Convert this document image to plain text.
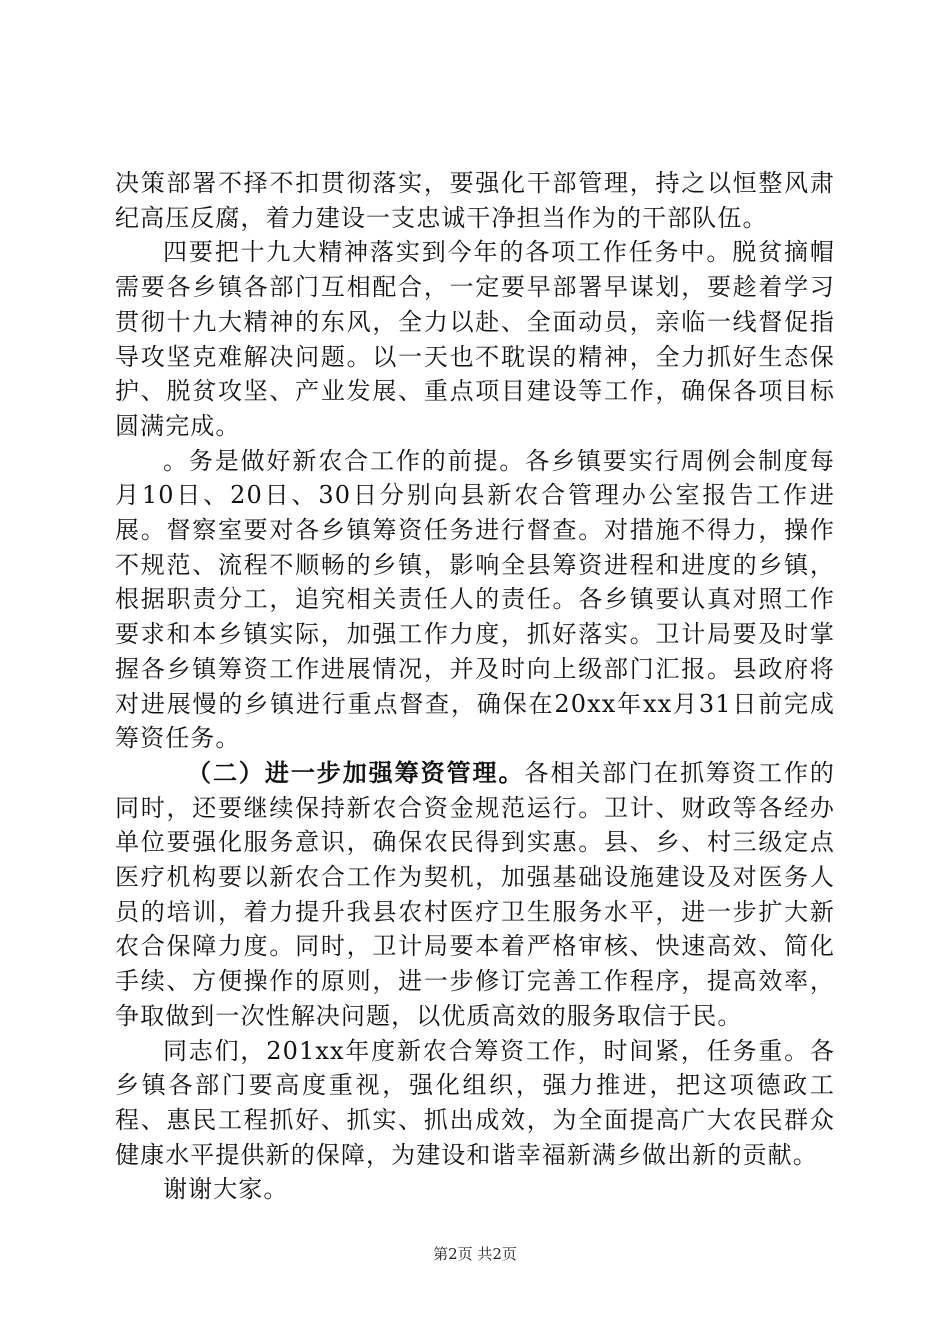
决策部署不择不扣贯彻落实，要强化干部管理，持之以恒整风肃纪高压反腐，着力建设一支忠诚干净担当作为的干部队伍。

四要把十九大精神落实到今年的各项工作任务中。脱贫摘帽需要各乡镇各部门互相配合，一定要早部署早谋划，要趁着学习贯彻十九大精神的东风，全力以赴、全面动员，亲临一线督促指导攻坚克难解决问题。以一天也不耽误的精神，全力抓好生态保护、脱贫攻坚、产业发展、重点项目建设等工作，确保各项目标圆满完成。

。务是做好新农合工作的前提。各乡镇要实行周例会制度每月10日、20日、30日分别向县新农合管理办公室报告工作进展。督察室要对各乡镇筹资任务进行督查。对措施不得力，操作不规范、流程不顺畅的乡镇，影响全县筹资进程和进度的乡镇，根据职责分工，追究相关责任人的责任。各乡镇要认真对照工作要求和本乡镇实际，加强工作力度，抓好落实。卫计局要及时掌握各乡镇筹资工作进展情况，并及时向上级部门汇报。县政府将对进展慢的乡镇进行重点督查，确保在20xx年xx月31日前完成筹资任务。

（二）进一步加强筹资管理。各相关部门在抓筹资工作的同时，还要继续保持新农合资金规范运行。卫计、财政等各经办单位要强化服务意识，确保农民得到实惠。县、乡、村三级定点医疗机构要以新农合工作为契机，加强基础设施建设及对医务人员的培训，着力提升我县农村医疗卫生服务水平，进一步扩大新农合保障力度。同时，卫计局要本着严格审核、快速高效、简化手续、方便操作的原则，进一步修订完善工作程序，提高效率，争取做到一次性解决问题，以优质高效的服务取信于民。

同志们，201xx年度新农合筹资工作，时间紧，任务重。各乡镇各部门要高度重视，强化组织，强力推进，把这项德政工程、惠民工程抓好、抓实、抓出成效，为全面提高广大农民群众健康水平提供新的保障，为建设和谐幸福新满乡做出新的贡献。

谢谢大家。

第2页 共2页
